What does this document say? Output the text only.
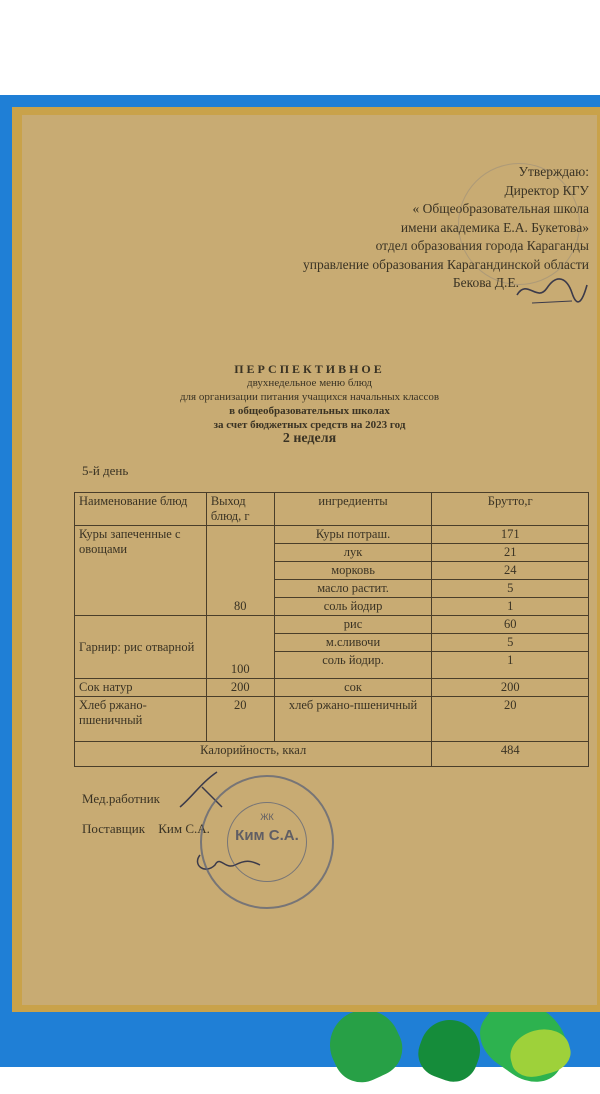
Утверждаю:
Директор КГУ
« Общеобразовательная школа
имени академика Е.А. Букетова»
отдел образования города Караганды
управление образования Карагандинской области
Бекова Д.Е.
ПЕРСПЕКТИВНОЕ
двухнедельное меню блюд
для организации питания учащихся начальных классов
в общеобразовательных школах
за счет бюджетных средств на 2023 год
2 неделя
5-й день
Наименование блюд	Выход блюд, г	ингредиенты	Брутто,г
Куры запеченные с овощами	80	Куры потраш.	171
		лук	21
		морковь	24
		масло растит.	5
		соль йодир	1
Гарнир: рис отварной	100	рис	60
		м.сливочи	5
		соль йодир.	1
Сок натур	200	сок	200
Хлеб ржано-пшеничный	20	хлеб ржано-пшеничный	20
Калорийность, ккал			484
Мед.работник
Поставщик Ким С.А.
ЖК
Ким С.А.
